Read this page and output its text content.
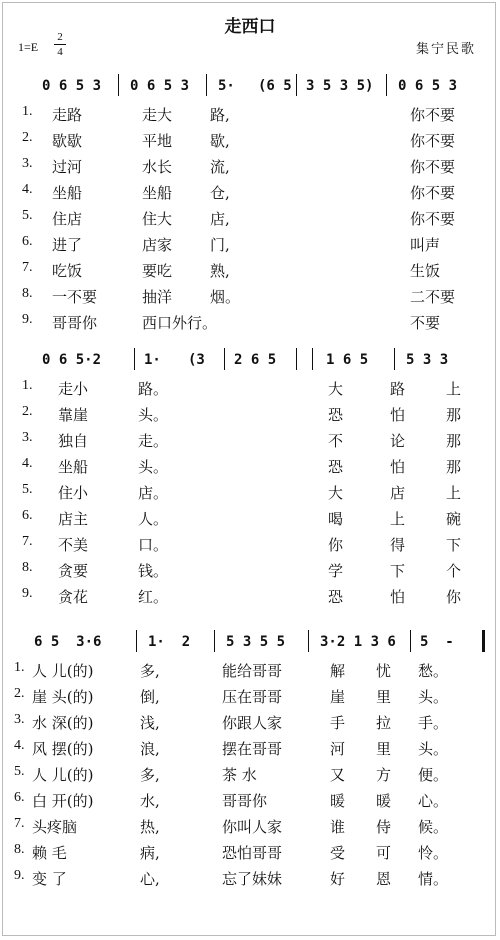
走西口
1=E
2
4	集宁民歌
0 6 5 3 0 6 5 3 5· (6 5 3 5 3 5) 0 6 5 3
1. 走路	走大	路,	你不要
2. 歇歇	平地	歇,	你不要
3. 过河	水长	流,	你不要
4. 坐船	坐船	仓,	你不要
5. 住店	住大	店,	你不要
6. 进了	店家	门,	叫声
7. 吃饭	要吃	熟,	生饭
8. 一不要	抽洋	烟。	二不要
9. 哥哥你	西口外行。	不要
0 6 5·2	1· (3 2 6 5	1 6 5	5 3 3
1. 走小	路。	大	路	上
2. 靠崖	头。	恐	怕	那
3. 独自	走。	不	论	那
4. 坐船	头。	恐	怕	那
5. 住小	店。	大	店	上
6. 店主	人。	喝	上	碗
7. 不美	口。	你	得	下
8. 贪要	钱。	学	下	个
9. 贪花	红。	恐	怕	你
6 5  3·6	1·  2	5 3 5 5 3·2 1 3 6 5  -
1. 人 儿(的)	多,	能给哥哥	解 忧 愁。
2. 崖 头(的)	倒,	压在哥哥	崖 里 头。
3. 水 深(的)	浅,	你跟人家	手 拉 手。
4. 风 摆(的)	浪,	摆在哥哥	河 里 头。
5. 人 儿(的)	多,	茶 水	又 方 便。
6. 白 开(的)	水,	哥哥你	暖 暖 心。
7. 头疼脑	热,	你叫人家	谁 侍 候。
8. 赖 毛	病,	恐怕哥哥	受 可 怜。
9. 变 了	心,	忘了妹妹	好 恩 情。
